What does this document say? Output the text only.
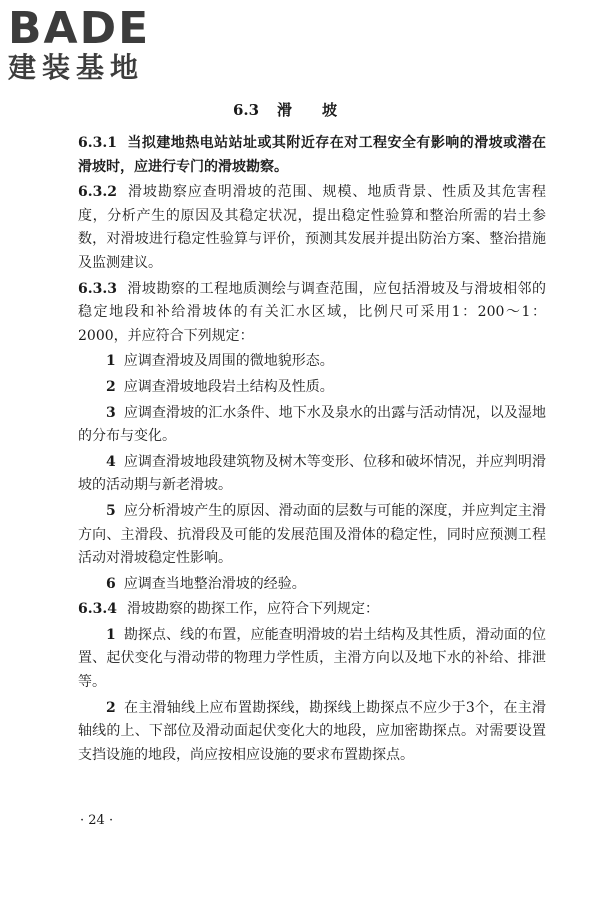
BADE
建装基地
6.3 滑坡

6.3.1 当拟建地热电站站址或其附近存在对工程安全有影响的滑坡或潜在滑坡时，应进行专门的滑坡勘察。

6.3.2 滑坡勘察应查明滑坡的范围、规模、地质背景、性质及其危害程度，分析产生的原因及其稳定状况，提出稳定性验算和整治所需的岩土参数，对滑坡进行稳定性验算与评价，预测其发展并提出防治方案、整治措施及监测建议。

6.3.3 滑坡勘察的工程地质测绘与调查范围，应包括滑坡及与滑坡相邻的稳定地段和补给滑坡体的有关汇水区域，比例尺可采用1：200～1：2000，并应符合下列规定：

1 应调查滑坡及周围的微地貌形态。

2 应调查滑坡地段岩土结构及性质。

3 应调查滑坡的汇水条件、地下水及泉水的出露与活动情况，以及湿地的分布与变化。

4 应调查滑坡地段建筑物及树木等变形、位移和破坏情况，并应判明滑坡的活动期与新老滑坡。

5 应分析滑坡产生的原因、滑动面的层数与可能的深度，并应判定主滑方向、主滑段、抗滑段及可能的发展范围及滑体的稳定性，同时应预测工程活动对滑坡稳定性影响。

6 应调查当地整治滑坡的经验。

6.3.4 滑坡勘察的勘探工作，应符合下列规定：

1 勘探点、线的布置，应能查明滑坡的岩土结构及其性质，滑动面的位置、起伏变化与滑动带的物理力学性质，主滑方向以及地下水的补给、排泄等。

2 在主滑轴线上应布置勘探线，勘探线上勘探点不应少于3个，在主滑轴线的上、下部位及滑动面起伏变化大的地段，应加密勘探点。对需要设置支挡设施的地段，尚应按相应设施的要求布置勘探点。

· 24 ·
